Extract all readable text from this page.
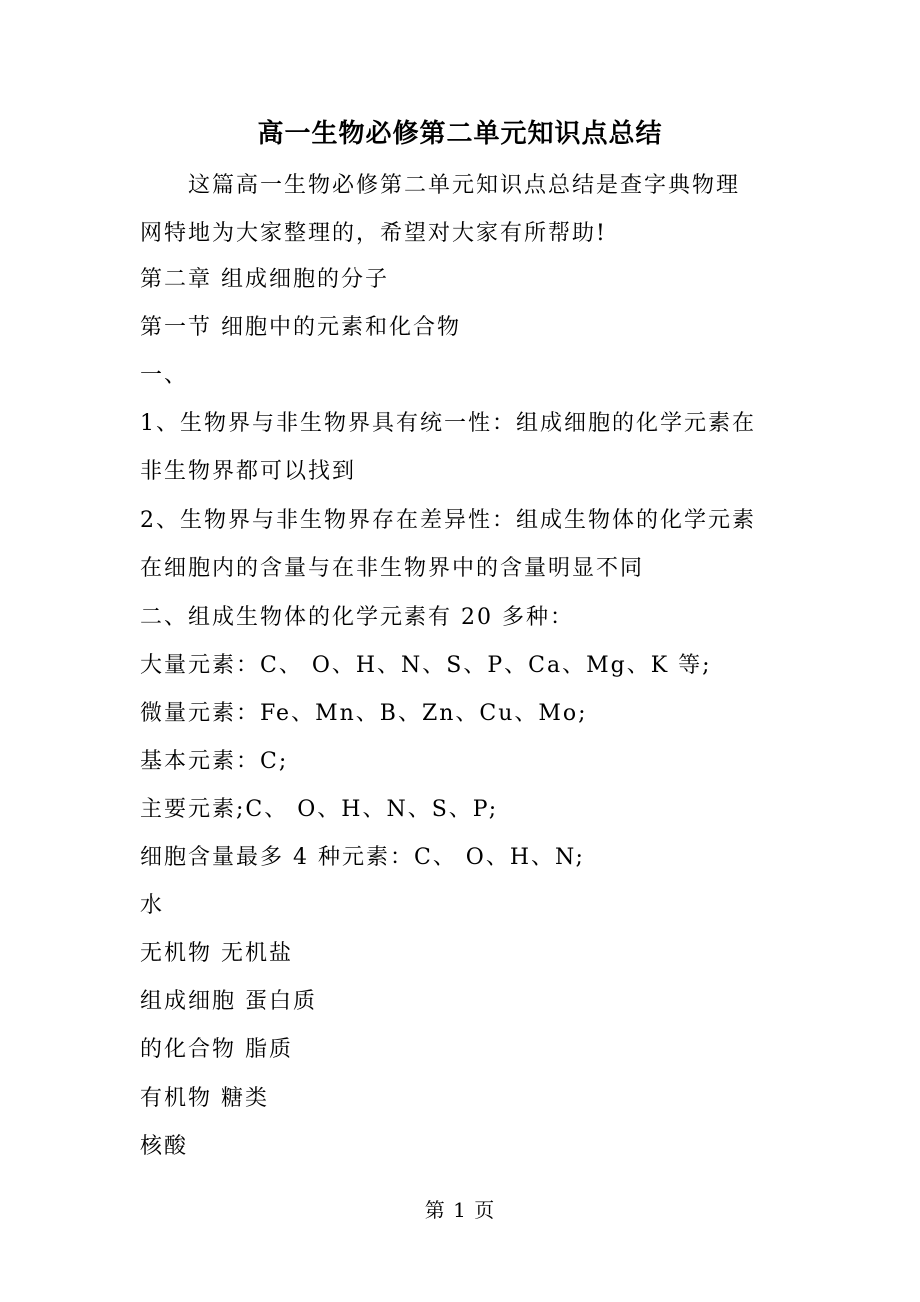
高一生物必修第二单元知识点总结
这篇高一生物必修第二单元知识点总结是查字典物理
网特地为大家整理的，希望对大家有所帮助!
第二章 组成细胞的分子
第一节 细胞中的元素和化合物
一、
1、生物界与非生物界具有统一性：组成细胞的化学元素在
非生物界都可以找到
2、生物界与非生物界存在差异性：组成生物体的化学元素
在细胞内的含量与在非生物界中的含量明显不同
二、组成生物体的化学元素有 20 多种：
大量元素：C、 O、H、N、S、P、Ca、Mg、K 等;
微量元素：Fe、Mn、B、Zn、Cu、Mo;
基本元素：C;
主要元素;C、 O、H、N、S、P;
细胞含量最多 4 种元素：C、 O、H、N;
水
无机物 无机盐
组成细胞 蛋白质
的化合物 脂质
有机物 糖类
核酸
第 1 页
